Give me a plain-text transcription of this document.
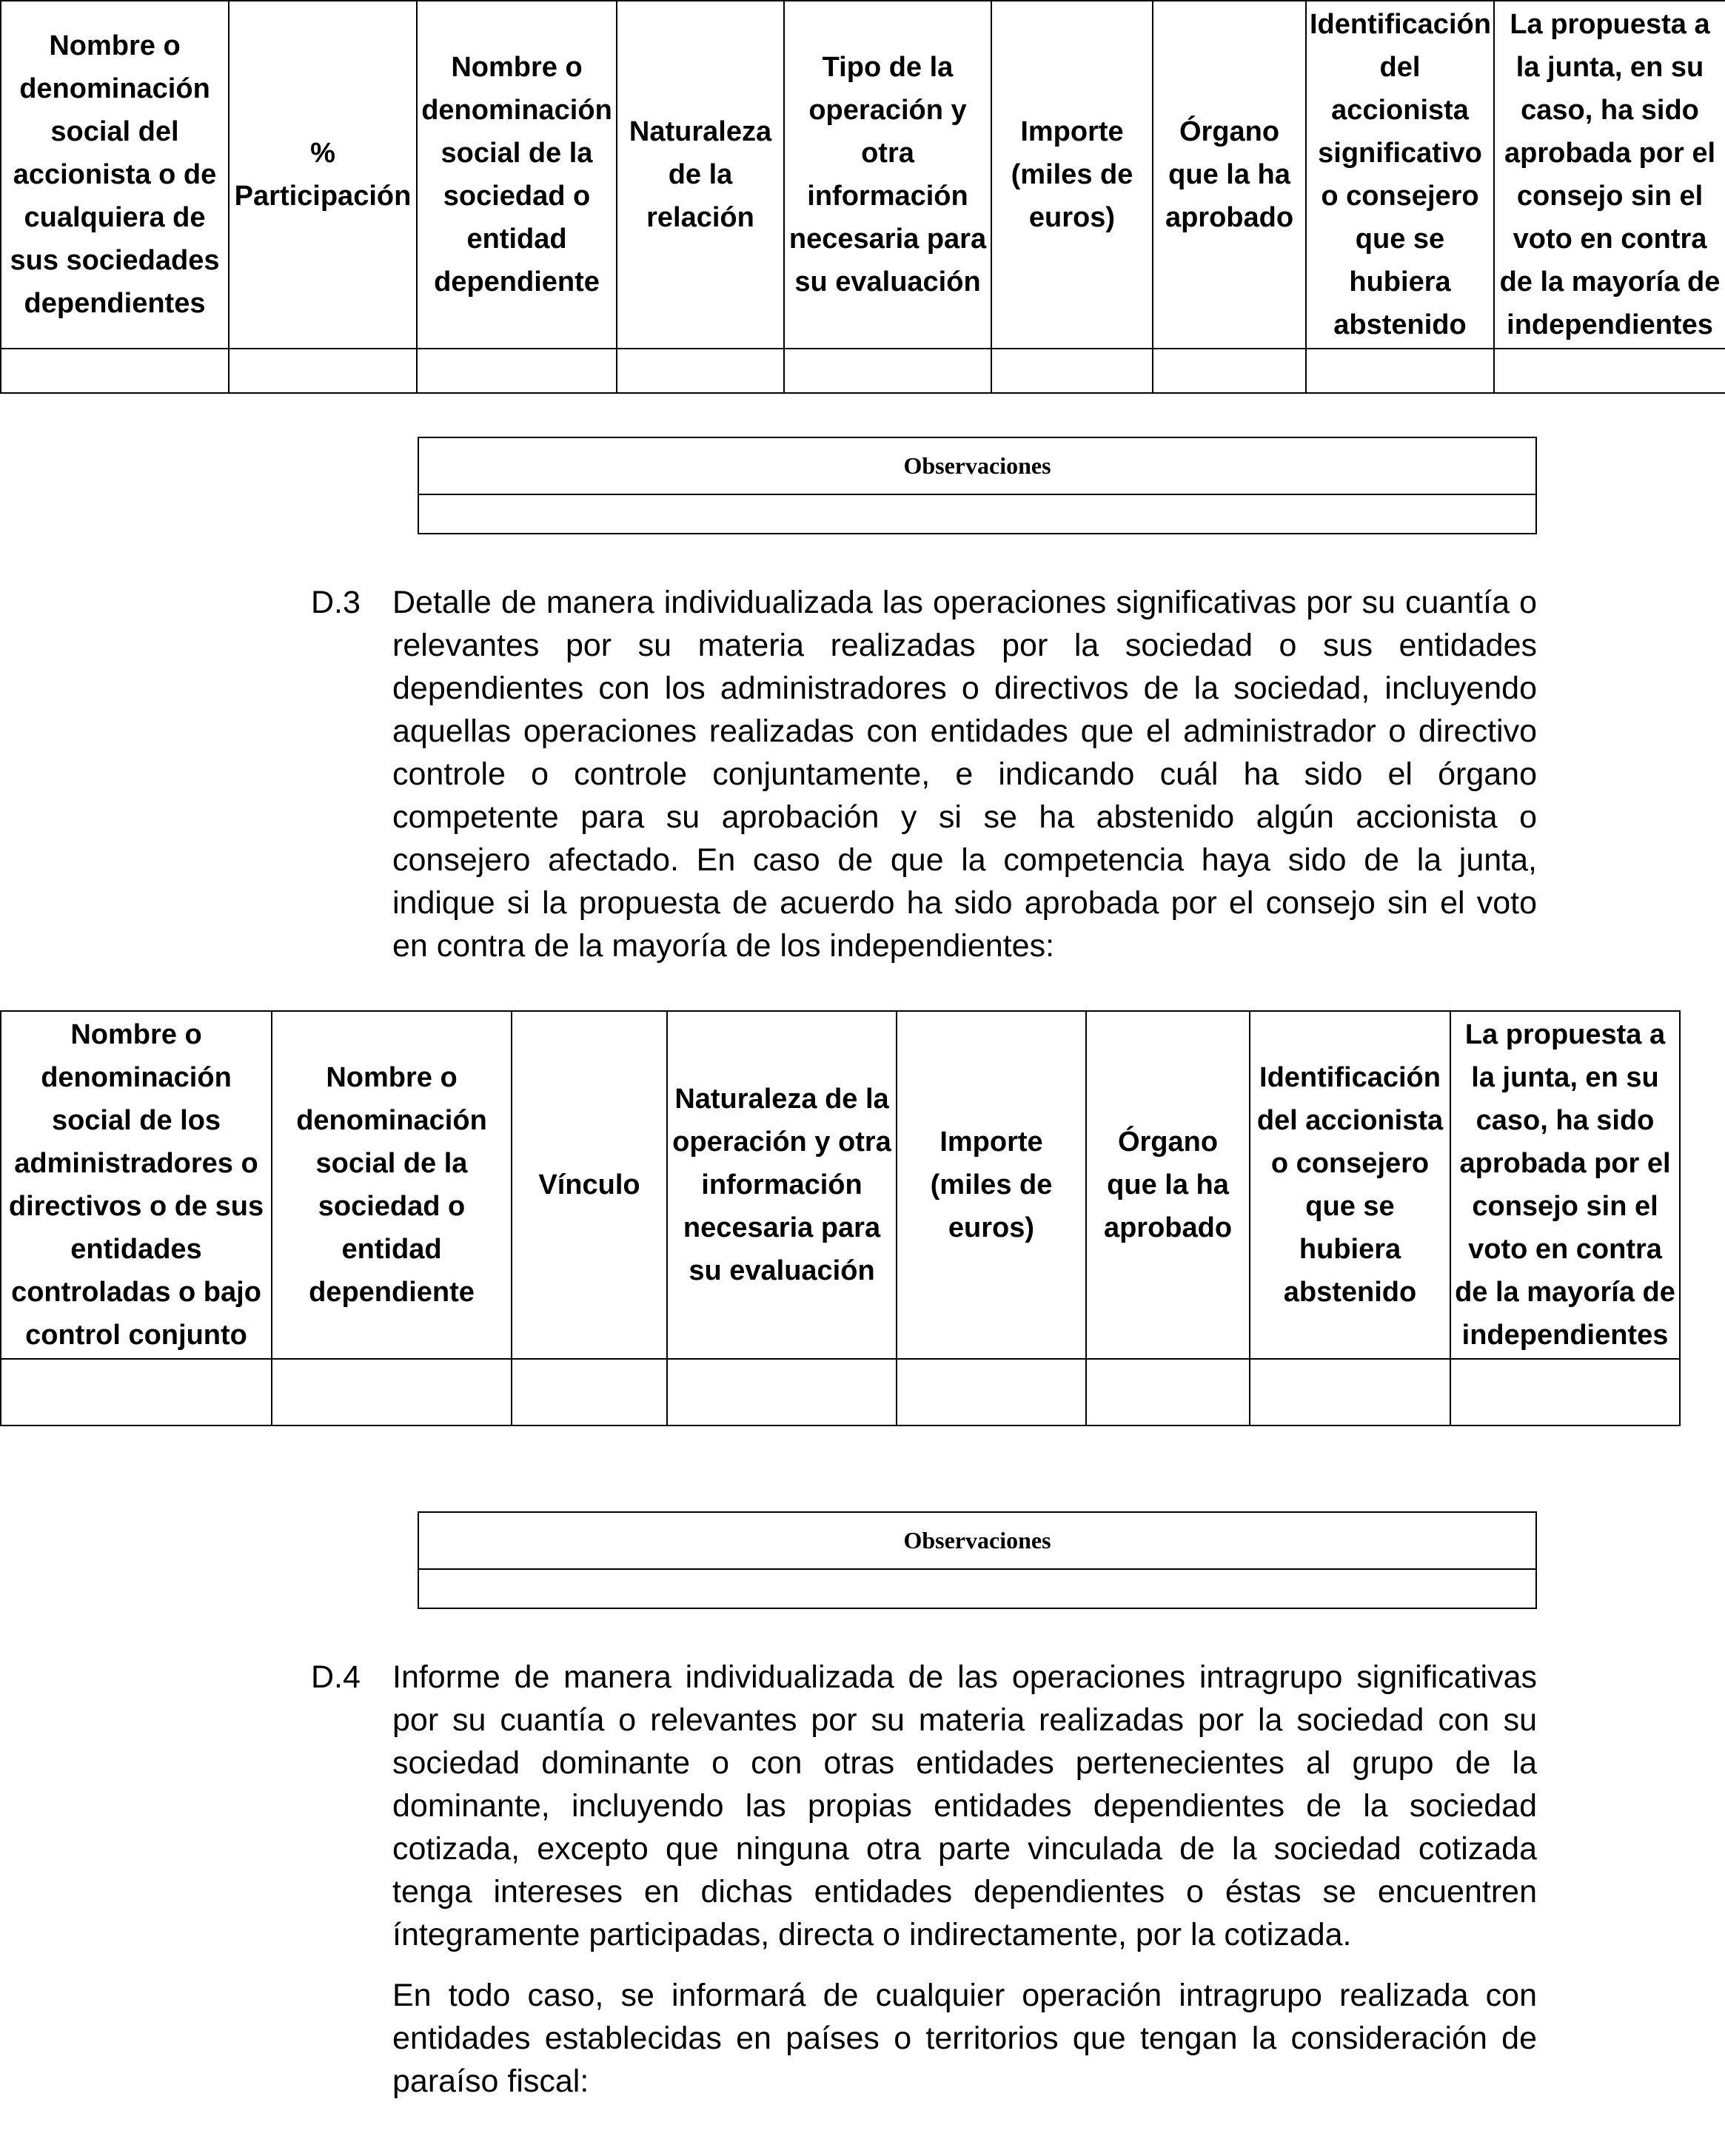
Nombre o denominación social del accionista o de cualquiera de sus sociedades dependientes	% Participación	Nombre o denominación social de la sociedad o entidad dependiente	Naturaleza de la relación	Tipo de la operación y otra información necesaria para su evaluación	Importe (miles de euros)	Órgano que la ha aprobado	Identificación del accionista significativo o consejero que se hubiera abstenido	La propuesta a la junta, en su caso, ha sido aprobada por el consejo sin el voto en contra de la mayoría de independientes

Observaciones
D.3 Detalle de manera individualizada las operaciones significativas por su cuantía o relevantes por su materia realizadas por la sociedad o sus entidades dependientes con los administradores o directivos de la sociedad, incluyendo aquellas operaciones realizadas con entidades que el administrador o directivo controle o controle conjuntamente, e indicando cuál ha sido el órgano competente para su aprobación y si se ha abstenido algún accionista o consejero afectado. En caso de que la competencia haya sido de la junta, indique si la propuesta de acuerdo ha sido aprobada por el consejo sin el voto en contra de la mayoría de los independientes:

Nombre o denominación social de los administradores o directivos o de sus entidades controladas o bajo control conjunto	Nombre o denominación social de la sociedad o entidad dependiente	Vínculo	Naturaleza de la operación y otra información necesaria para su evaluación	Importe (miles de euros)	Órgano que la ha aprobado	Identificación del accionista o consejero que se hubiera abstenido	La propuesta a la junta, en su caso, ha sido aprobada por el consejo sin el voto en contra de la mayoría de independientes

Observaciones
D.4 Informe de manera individualizada de las operaciones intragrupo significativas por su cuantía o relevantes por su materia realizadas por la sociedad con su sociedad dominante o con otras entidades pertenecientes al grupo de la dominante, incluyendo las propias entidades dependientes de la sociedad cotizada, excepto que ninguna otra parte vinculada de la sociedad cotizada tenga intereses en dichas entidades dependientes o éstas se encuentren íntegramente participadas, directa o indirectamente, por la cotizada.

En todo caso, se informará de cualquier operación intragrupo realizada con entidades establecidas en países o territorios que tengan la consideración de paraíso fiscal:
